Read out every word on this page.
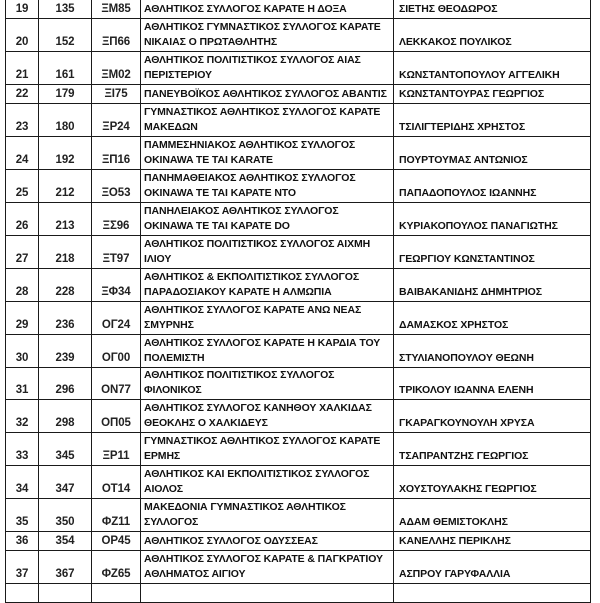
19	135	ΞΜ85	ΑΘΛΗΤΙΚΟΣ ΣΥΛΛΟΓΟΣ ΚΑΡΑΤΕ Η ΔΟΞΑ	ΣΙΕΤΗΣ ΘΕΟΔΩΡΟΣ
20	152	ΞΠ66	ΑΘΛΗΤΙΚΟΣ ΓΥΜΝΑΣΤΙΚΟΣ ΣΥΛΛΟΓΟΣ ΚΑΡΑΤΕ ΝΙΚΑΙΑΣ Ο ΠΡΩΤΑΘΛΗΤΗΣ	ΛΕΚΚΑΚΟΣ ΠΟΥΛΙΚΟΣ
21	161	ΞΜ02	ΑΘΛΗΤΙΚΟΣ ΠΟΛΙΤΙΣΤΙΚΟΣ ΣΥΛΛΟΓΟΣ ΑΙΑΣ ΠΕΡΙΣΤΕΡΙΟΥ	ΚΩΝΣΤΑΝΤΟΠΟΥΛΟΥ ΑΓΓΕΛΙΚΗ
22	179	ΞΙ75	ΠΑΝΕΥΒΟΪΚΟΣ ΑΘΛΗΤΙΚΟΣ ΣΥΛΛΟΓΟΣ ΑΒΑΝΤΙΣ	ΚΩΝΣΤΑΝΤΟΥΡΑΣ ΓΕΩΡΓΙΟΣ
23	180	ΞΡ24	ΓΥΜΝΑΣΤΙΚΟΣ ΑΘΛΗΤΙΚΟΣ ΣΥΛΛΟΓΟΣ ΚΑΡΑΤΕ ΜΑΚΕΔΩΝ	ΤΣΙΛΙΓΤΕΡΙΔΗΣ ΧΡΗΣΤΟΣ
24	192	ΞΠ16	ΠΑΜΜΕΣΗΝΙΑΚΟΣ ΑΘΛΗΤΙΚΟΣ ΣΥΛΛΟΓΟΣ OKINAWA ΤΕ ΤΑΙ KARATE	ΠΟΥΡΤΟΥΜΑΣ ΑΝΤΩΝΙΟΣ
25	212	ΞΟ53	ΠΑΝΗΜΑΘΕΙΑΚΟΣ ΑΘΛΗΤΙΚΟΣ ΣΥΛΛΟΓΟΣ OKINAWA ΤΕ ΤΑΙ ΚΑΡΑΤΕ ΝΤΟ	ΠΑΠΑΔΟΠΟΥΛΟΣ ΙΩΑΝΝΗΣ
26	213	ΞΣ96	ΠΑΝΗΛΕΙΑΚΟΣ ΑΘΛΗΤΙΚΟΣ ΣΥΛΛΟΓΟΣ OKINAWA ΤΕ ΤΑΙ ΚΑΡΑΤΕ DO	ΚΥΡΙΑΚΟΠΟΥΛΟΣ ΠΑΝΑΓΙΩΤΗΣ
27	218	ΞΤ97	ΑΘΛΗΤΙΚΟΣ ΠΟΛΙΤΙΣΤΙΚΟΣ ΣΥΛΛΟΓΟΣ ΑΙΧΜΗ ΙΛΙΟΥ	ΓΕΩΡΓΙΟΥ ΚΩΝΣΤΑΝΤΙΝΟΣ
28	228	ΞΦ34	ΑΘΛΗΤΙΚΟΣ & ΕΚΠΟΛΙΤΙΣΤΙΚΟΣ ΣΥΛΛΟΓΟΣ ΠΑΡΑΔΟΣΙΑΚΟΥ ΚΑΡΑΤΕ Η ΑΛΜΩΠΙΑ	ΒΑΙΒΑΚΑΝΙΔΗΣ ΔΗΜΗΤΡΙΟΣ
29	236	ΟΓ24	ΑΘΛΗΤΙΚΟΣ ΣΥΛΛΟΓΟΣ ΚΑΡΑΤΕ ΑΝΩ ΝΕΑΣ ΣΜΥΡΝΗΣ	ΔΑΜΑΣΚΟΣ ΧΡΗΣΤΟΣ
30	239	ΟΓ00	ΑΘΛΗΤΙΚΟΣ ΣΥΛΛΟΓΟΣ ΚΑΡΑΤΕ Η ΚΑΡΔΙΑ ΤΟΥ ΠΟΛΕΜΙΣΤΗ	ΣΤΥΛΙΑΝΟΠΟΥΛΟΥ ΘΕΩΝΗ
31	296	ΟΝ77	ΑΘΛΗΤΙΚΟΣ ΠΟΛΙΤΙΣΤΙΚΟΣ ΣΥΛΛΟΓΟΣ ΦΙΛΟΝΙΚΟΣ	ΤΡΙΚΟΛΟΥ ΙΩΑΝΝΑ ΕΛΕΝΗ
32	298	ΟΠ05	ΑΘΛΗΤΙΚΟΣ ΣΥΛΛΟΓΟΣ ΚΑΝΗΘΟΥ ΧΑΛΚΙΔΑΣ ΘΕΟΚΛΗΣ Ο ΧΑΛΚΙΔΕΥΣ	ΓΚΑΡΑΓΚΟΥΝΟΥΛΗ ΧΡΥΣΑ
33	345	ΞΡ11	ΓΥΜΝΑΣΤΙΚΟΣ ΑΘΛΗΤΙΚΟΣ ΣΥΛΛΟΓΟΣ ΚΑΡΑΤΕ ΕΡΜΗΣ	ΤΣΑΠΡΑΝΤΖΗΣ ΓΕΩΡΓΙΟΣ
34	347	ΟΤ14	ΑΘΛΗΤΙΚΟΣ ΚΑΙ ΕΚΠΟΛΙΤΙΣΤΙΚΟΣ ΣΥΛΛΟΓΟΣ ΑΙΟΛΟΣ	ΧΟΥΣΤΟΥΛΑΚΗΣ ΓΕΩΡΓΙΟΣ
35	350	ΦΖ11	ΜΑΚΕΔΟΝΙΑ ΓΥΜΝΑΣΤΙΚΟΣ ΑΘΛΗΤΙΚΟΣ ΣΥΛΛΟΓΟΣ	ΑΔΑΜ ΘΕΜΙΣΤΟΚΛΗΣ
36	354	ΟΡ45	ΑΘΛΗΤΙΚΟΣ ΣΥΛΛΟΓΟΣ ΟΔΥΣΣΕΑΣ	ΚΑΝΕΛΛΗΣ ΠΕΡΙΚΛΗΣ
37	367	ΦΖ65	ΑΘΛΗΤΙΚΟΣ ΣΥΛΛΟΓΟΣ ΚΑΡΑΤΕ & ΠΑΓΚΡΑΤΙΟΥ ΑΘΛΗΜΑΤΟΣ ΑΙΓΙΟΥ	ΑΣΠΡΟΥ ΓΑΡΥΦΑΛΛΙΑ
